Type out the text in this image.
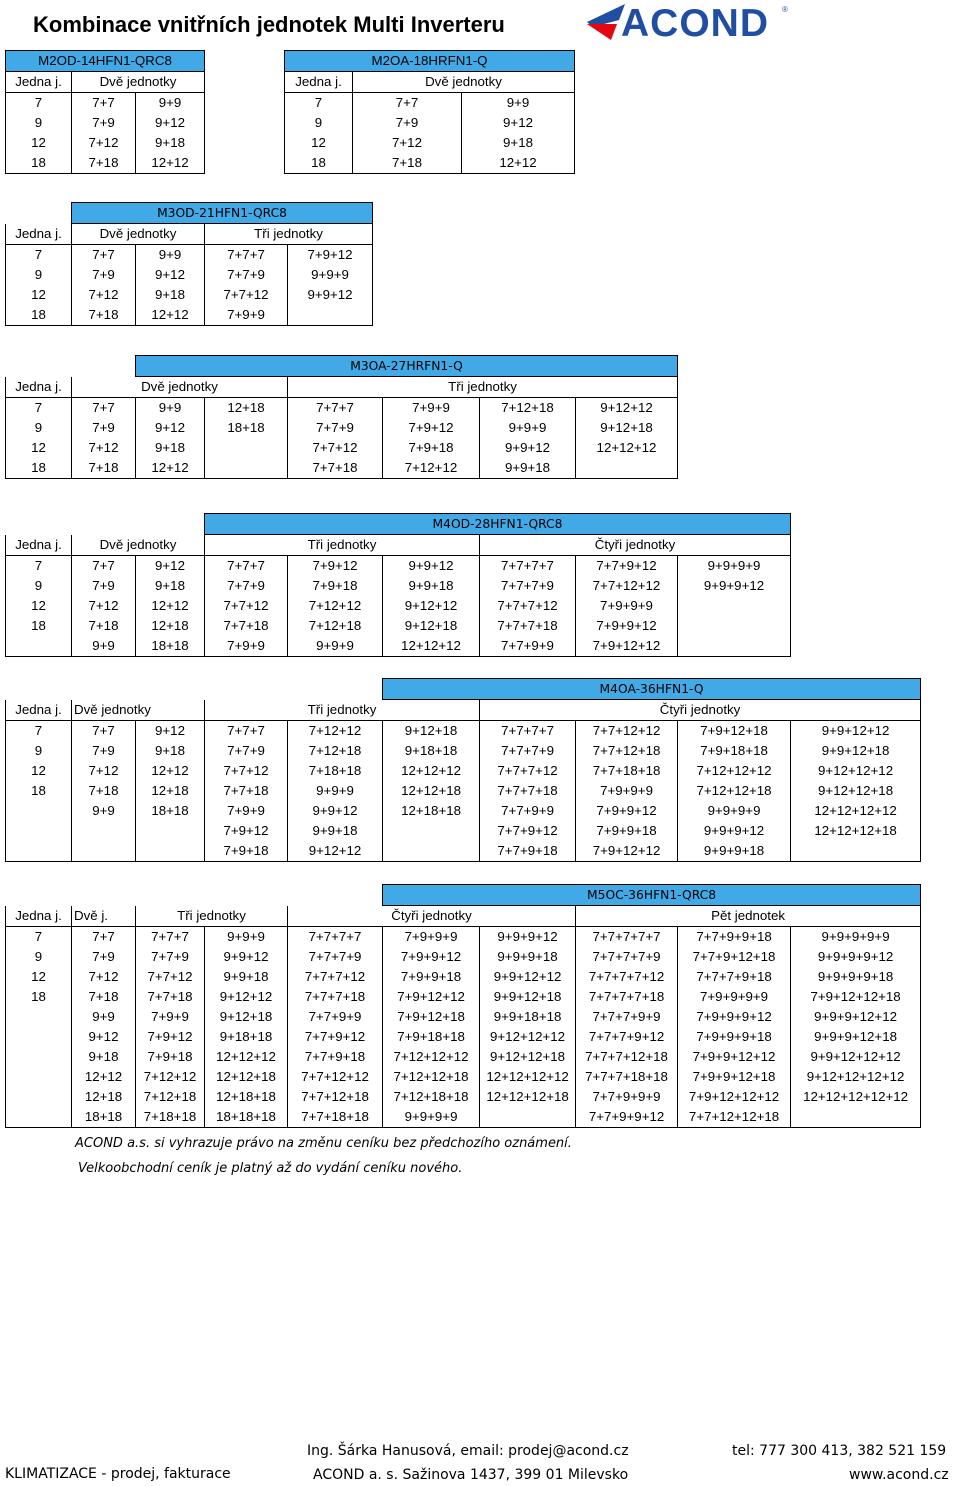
Kombinace vnitřních jednotek Multi Inverteru	ACOND ®
M2OD-14HFN1-QRC8			
Jedna j.	Dvě jednotky		
7	7+7	9+9	
9	7+9	9+12	
12	7+12	9+18	
18	7+18	12+12	
M2OA-18HRFN1-Q		
Jedna j.	Dvě jednotky	
7	7+7	9+9
9	7+9	9+12
12	7+12	9+18
18	7+18	12+12
	M3OD-21HFN1-QRC8			
Jedna j.	Dvě jednotky		Tři jednotky	
7	7+7	9+9	7+7+7	7+9+12
9	7+9	9+12	7+7+9	9+9+9
12	7+12	9+18	7+7+12	9+9+12
18	7+18	12+12	7+9+9	
		M3OA-27HRFN1-Q					
Jedna j.	Dvě jednotky			Tři jednotky			
7	7+7	9+9	12+18	7+7+7	7+9+9	7+12+18	9+12+12
9	7+9	9+12	18+18	7+7+9	7+9+12	9+9+9	9+12+18
12	7+12	9+18		7+7+12	7+9+18	9+9+12	12+12+12
18	7+18	12+12		7+7+18	7+12+12	9+9+18	
			M4OD-28HFN1-QRC8					
Jedna j.	Dvě jednotky		Tři jednotky			Čtyři jednotky		
7	7+7	9+12	7+7+7	7+9+12	9+9+12	7+7+7+7	7+7+9+12	9+9+9+9
9	7+9	9+18	7+7+9	7+9+18	9+9+18	7+7+7+9	7+7+12+12	9+9+9+12
12	7+12	12+12	7+7+12	7+12+12	9+12+12	7+7+7+12	7+9+9+9	
18	7+18	12+18	7+7+18	7+12+18	9+12+18	7+7+7+18	7+9+9+12	
	9+9	18+18	7+9+9	9+9+9	12+12+12	7+7+9+9	7+9+12+12	
					M4OA-36HFN1-Q				
Jedna j.	Dvě jednotky		Tři jednotky			Čtyři jednotky			
7	7+7	9+12	7+7+7	7+12+12	9+12+18	7+7+7+7	7+7+12+12	7+9+12+18	9+9+12+12
9	7+9	9+18	7+7+9	7+12+18	9+18+18	7+7+7+9	7+7+12+18	7+9+18+18	9+9+12+18
12	7+12	12+12	7+7+12	7+18+18	12+12+12	7+7+7+12	7+7+18+18	7+12+12+12	9+12+12+12
18	7+18	12+18	7+7+18	9+9+9	12+12+18	7+7+7+18	7+9+9+9	7+12+12+18	9+12+12+18
	9+9	18+18	7+9+9	9+9+12	12+18+18	7+7+9+9	7+9+9+12	9+9+9+9	12+12+12+12
			7+9+12	9+9+18		7+7+9+12	7+9+9+18	9+9+9+12	12+12+12+18
			7+9+18	9+12+12		7+7+9+18	7+9+12+12	9+9+9+18	
					M5OC-36HFN1-QRC8				
Jedna j.	Dvě j.	Tři jednotky		Čtyři jednotky			Pět jednotek		
7	7+7	7+7+7	9+9+9	7+7+7+7	7+9+9+9	9+9+9+12	7+7+7+7+7	7+7+9+9+18	9+9+9+9+9
9	7+9	7+7+9	9+9+12	7+7+7+9	7+9+9+12	9+9+9+18	7+7+7+7+9	7+7+9+12+18	9+9+9+9+12
12	7+12	7+7+12	9+9+18	7+7+7+12	7+9+9+18	9+9+12+12	7+7+7+7+12	7+7+7+9+18	9+9+9+9+18
18	7+18	7+7+18	9+12+12	7+7+7+18	7+9+12+12	9+9+12+18	7+7+7+7+18	7+9+9+9+9	7+9+12+12+18
	9+9	7+9+9	9+12+18	7+7+9+9	7+9+12+18	9+9+18+18	7+7+7+9+9	7+9+9+9+12	9+9+9+12+12
	9+12	7+9+12	9+18+18	7+7+9+12	7+9+18+18	9+12+12+12	7+7+7+9+12	7+9+9+9+18	9+9+9+12+18
	9+18	7+9+18	12+12+12	7+7+9+18	7+12+12+12	9+12+12+18	7+7+7+12+18	7+9+9+12+12	9+9+12+12+12
	12+12	7+12+12	12+12+18	7+7+12+12	7+12+12+18	12+12+12+12	7+7+7+18+18	7+9+9+12+18	9+12+12+12+12
	12+18	7+12+18	12+18+18	7+7+12+18	7+12+18+18	12+12+12+18	7+7+9+9+9	7+9+12+12+12	12+12+12+12+12
	18+18	7+18+18	18+18+18	7+7+18+18	9+9+9+9		7+7+9+9+12	7+7+12+12+18	
ACOND a.s. si vyhrazuje právo na změnu ceníku bez předchozího oznámení.
Velkoobchodní ceník je platný až do vydání ceníku nového.
Ing. Šárka Hanusová, email: prodej@acond.cz	tel: 777 300 413, 382 521 159
KLIMATIZACE - prodej, fakturace	ACOND a. s. Sažinova 1437, 399 01 Milevsko	www.acond.cz
